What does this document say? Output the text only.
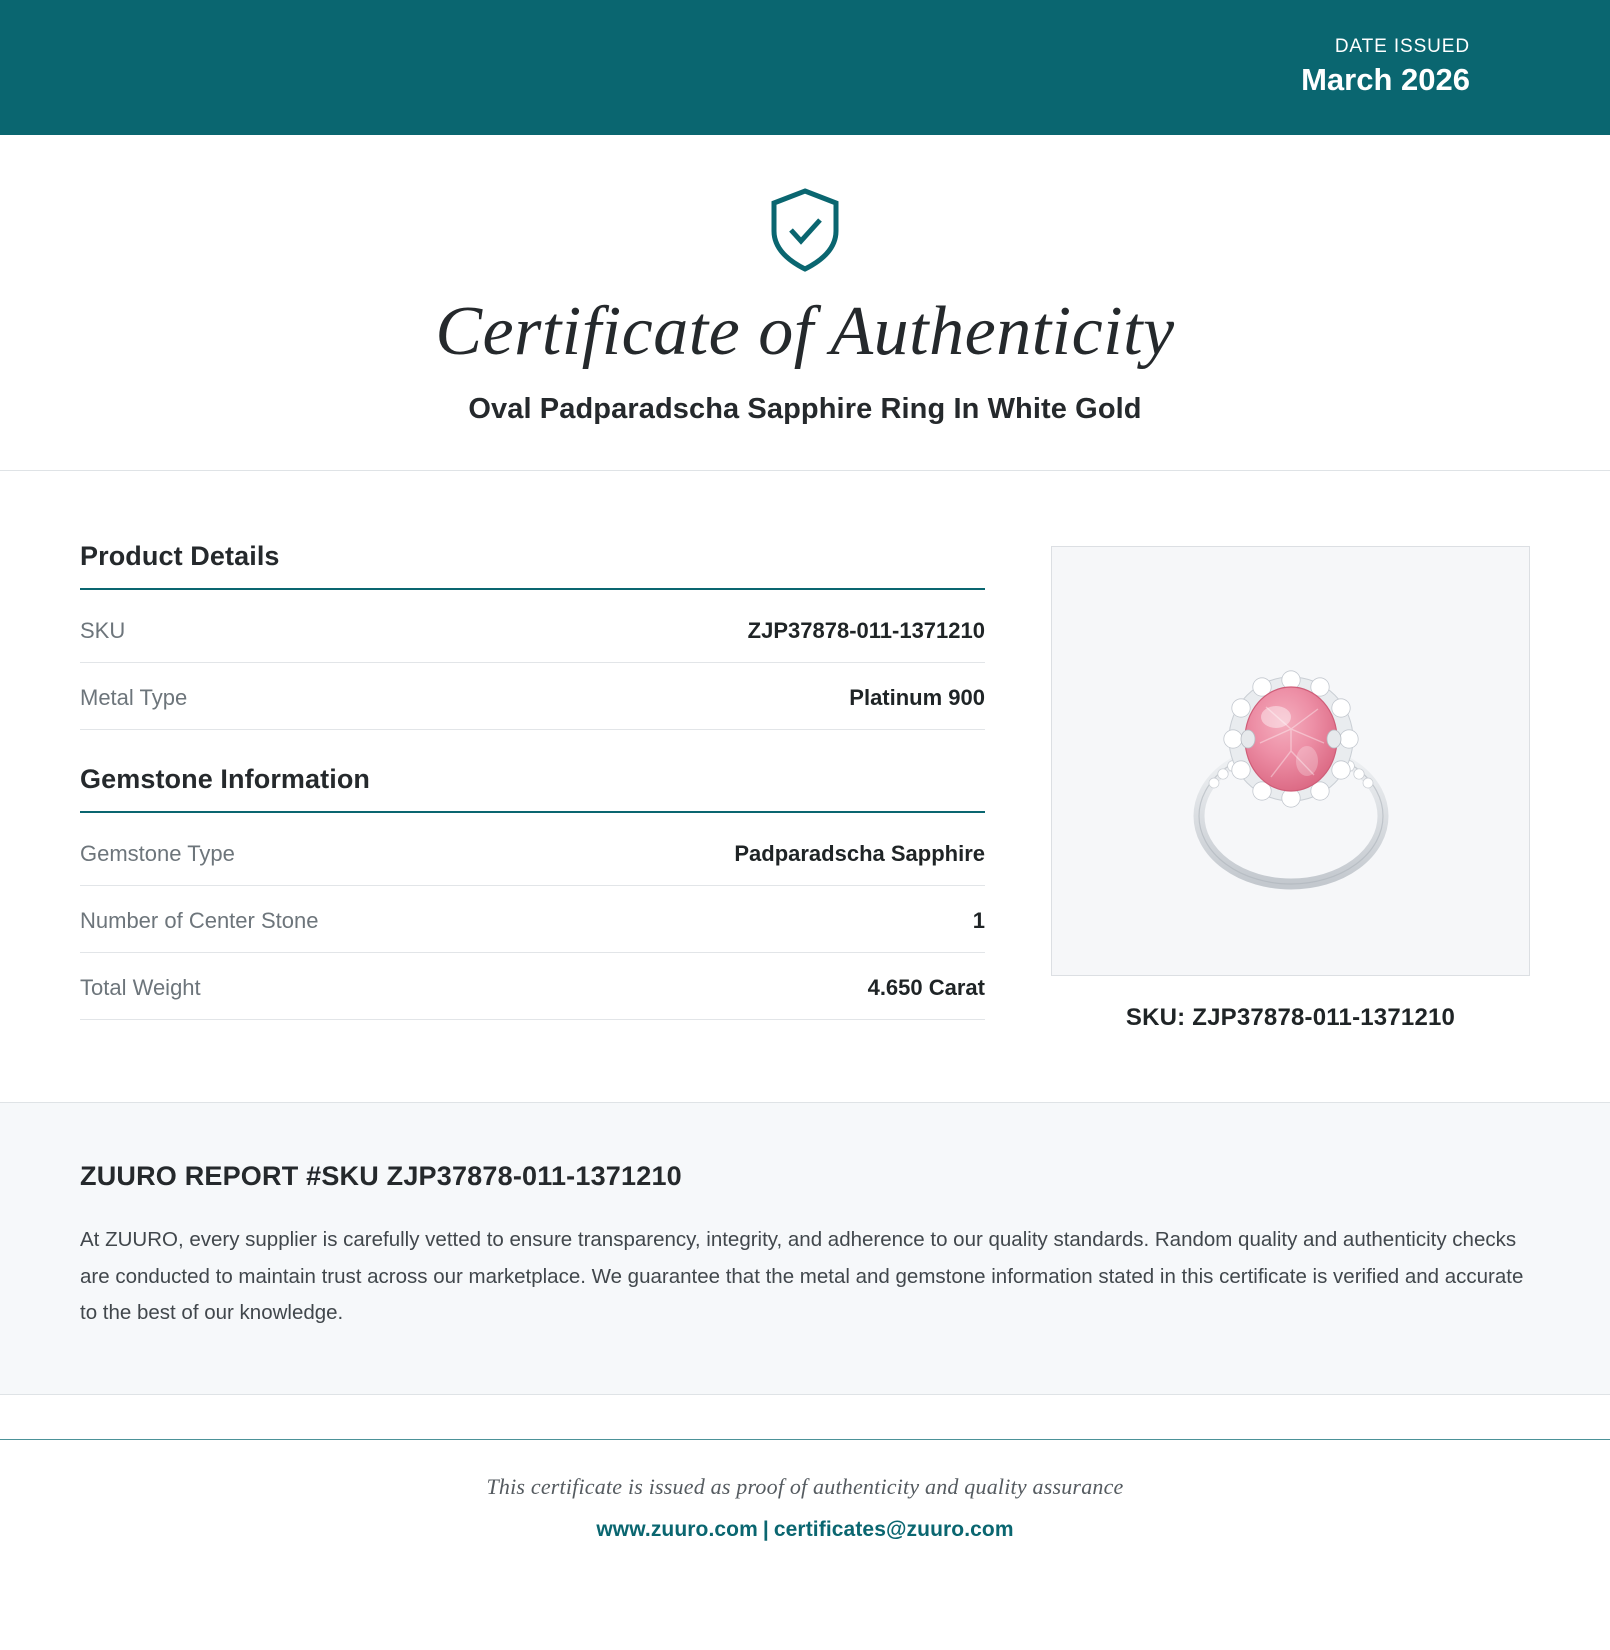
DATE ISSUED
March 2026
Certificate of Authenticity
Oval Padparadscha Sapphire Ring In White Gold
Product Details
SKU	ZJP37878-011-1371210
Metal Type	Platinum 900
Gemstone Information
Gemstone Type	Padparadscha Sapphire
Number of Center Stone	1
Total Weight	4.650 Carat
SKU: ZJP37878-011-1371210
ZUURO REPORT #SKU ZJP37878-011-1371210
At ZUURO, every supplier is carefully vetted to ensure transparency, integrity, and adherence to our quality standards. Random quality and authenticity checks are conducted to maintain trust across our marketplace. We guarantee that the metal and gemstone information stated in this certificate is verified and accurate to the best of our knowledge.
This certificate is issued as proof of authenticity and quality assurance
www.zuuro.com | certificates@zuuro.com
